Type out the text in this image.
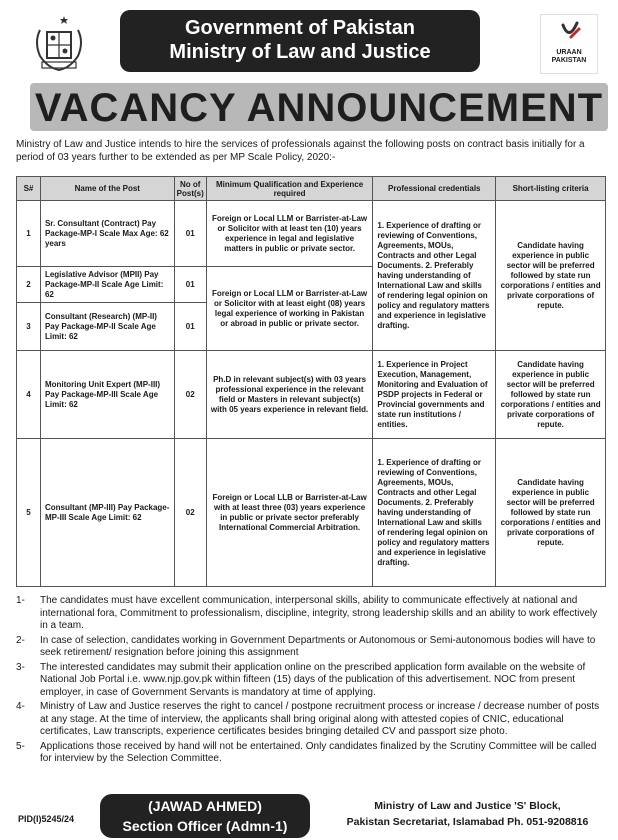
Government of Pakistan
Ministry of Law and Justice	URAAN
PAKISTAN
VACANCY ANNOUNCEMENT
Ministry of Law and Justice intends to hire the services of professionals against the following posts on contract basis initially for a period of 03 years further to be extended as per MP Scale Policy, 2020:-
S#	Name of the Post	No of Post(s)	Minimum Qualification and Experience required	Professional credentials	Short-listing criteria
1	Sr. Consultant (Contract) Pay Package-MP-I Scale Max Age: 62 years	01	Foreign or Local LLM or Barrister-at-Law or Solicitor with at least ten (10) years experience in legal and legislative matters in public or private sector.	1. Experience of drafting or reviewing of Conventions, Agreements, MOUs, Contracts and other Legal Documents. 2. Preferably having understanding of International Law and skills of rendering legal opinion on policy and regulatory matters and experience in legislative drafting.	Candidate having experience in public sector will be preferred followed by state run corporations / entities and private corporations of repute.
2	Legislative Advisor (MPII) Pay Package-MP-II Scale Age Limit: 62	01	Foreign or Local LLM or Barrister-at-Law or Solicitor with at least eight (08) years legal experience of working in Pakistan or abroad in public or private sector.		
3	Consultant (Research) (MP-II) Pay Package-MP-II Scale Age Limit: 62	01			
4	Monitoring Unit Expert (MP-III) Pay Package-MP-III Scale Age Limit: 62	02	Ph.D in relevant subject(s) with 03 years professional experience in the relevant field or Masters in relevant subject(s) with 05 years experience in relevant field.	1. Experience in Project Execution, Management, Monitoring and Evaluation of PSDP projects in Federal or Provincial governments and state run institutions / entities.	Candidate having experience in public sector will be preferred followed by state run corporations / entities and private corporations of repute.
5	Consultant (MP-III) Pay Package-MP-III Scale Age Limit: 62	02	Foreign or Local LLB or Barrister-at-Law with at least three (03) years experience in public or private sector preferably International Commercial Arbitration.	1. Experience of drafting or reviewing of Conventions, Agreements, MOUs, Contracts and other Legal Documents. 2. Preferably having understanding of International Law and skills of rendering legal opinion on policy and regulatory matters and experience in legislative drafting.	Candidate having experience in public sector will be preferred followed by state run corporations / entities and private corporations of repute.
1-	The candidates must have excellent communication, interpersonal skills, ability to communicate effectively at national and international fora, Commitment to professionalism, discipline, integrity, strong leadership skills and an ability to work effectively in a team.
2-	In case of selection, candidates working in Government Departments or Autonomous or Semi-autonomous bodies will have to seek retirement/ resignation before joining this assignment
3-	The interested candidates may submit their application online on the prescribed application form available on the website of National Job Portal i.e. www.njp.gov.pk within fifteen (15) days of the publication of this advertisement. NOC from present employer, in case of Government Servants is mandatory at time of applying.
4-	Ministry of Law and Justice reserves the right to cancel / postpone recruitment process or increase / decrease number of posts at any stage. At the time of interview, the applicants shall bring original along with attested copies of CNIC, educational certificates, Law transcripts, experience certificates besides bringing detailed CV and passport size photo.
5-	Applications those received by hand will not be entertained. Only candidates finalized by the Scrutiny Committee will be called for interview by the Selection Committee.
PID(I)5245/24
(JAWAD AHMED)
Section Officer (Admn-1)
Ministry of Law and Justice 'S' Block,
Pakistan Secretariat, Islamabad Ph. 051-9208816
